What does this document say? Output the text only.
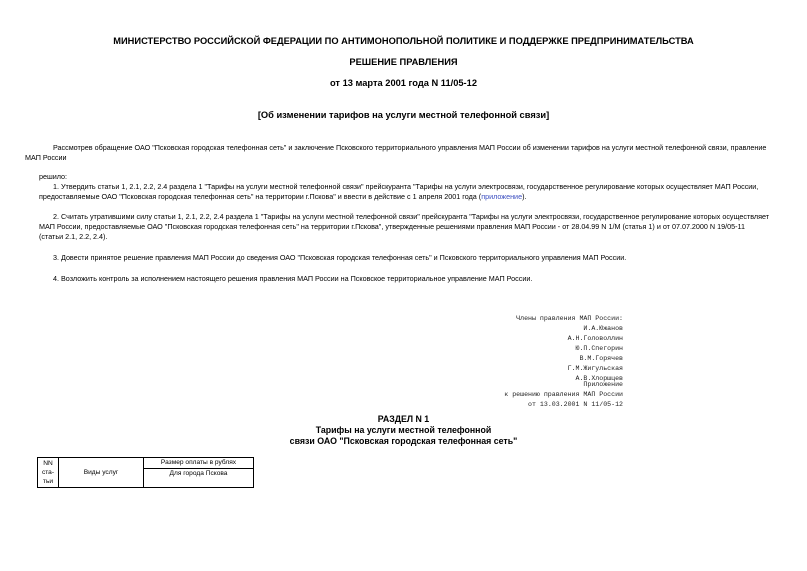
МИНИСТЕРСТВО РОССИЙСКОЙ ФЕДЕРАЦИИ ПО АНТИМОНОПОЛЬНОЙ ПОЛИТИКЕ И ПОДДЕРЖКЕ ПРЕДПРИНИМАТЕЛЬСТВА
РЕШЕНИЕ ПРАВЛЕНИЯ
от 13 марта 2001 года N 11/05-12
[Об изменении тарифов на услуги местной телефонной связи]
Рассмотрев обращение ОАО "Псковская городская телефонная сеть" и заключение Псковского территориального управления МАП России об изменении тарифов на услуги местной телефонной связи, правление
МАП России
решило:
1. Утвердить статьи 1, 2.1, 2.2, 2.4 раздела 1 "Тарифы на услуги местной телефонной связи" прейскуранта "Тарифы на услуги электросвязи, государственное регулирование которых осуществляет МАП России,
предоставляемые ОАО "Псковская городская телефонная сеть" на территории г.Пскова" и ввести в действие с 1 апреля 2001 года (приложение).
2. Считать утратившими силу статьи 1, 2.1, 2.2, 2.4 раздела 1 "Тарифы на услуги местной телефонной связи" прейскуранта "Тарифы на услуги электросвязи, государственное регулирование которых осуществляет
МАП России, предоставляемые ОАО "Псковская городская телефонная сеть" на территории г.Пскова", утвержденные решениями правления МАП России - от 28.04.99 N 1/М (статья 1) и от 07.07.2000 N 19/05-11
(статьи 2.1, 2.2, 2.4).
3. Довести принятое решение правления МАП России до сведения ОАО "Псковская городская телефонная сеть" и Псковского территориального управления МАП России.
4. Возложить контроль за исполнением настоящего решения правления МАП России на Псковское территориальное управление МАП России.
Члены правления МАП России:
И.А.Южанов
А.Н.Головоллин
Ю.П.Спегорин
В.М.Горячев
Г.М.Жигульская
А.В.Хлоршцев
Приложение
к решению правления МАП России
от 13.03.2001 N 11/05-12
РАЗДЕЛ N 1
Тарифы на услуги местной телефонной
связи ОАО "Псковская городская телефонная сеть"
NN
ста-
тьи
	Виды услуг	Размер оплаты в рублях
Для города Пскова
